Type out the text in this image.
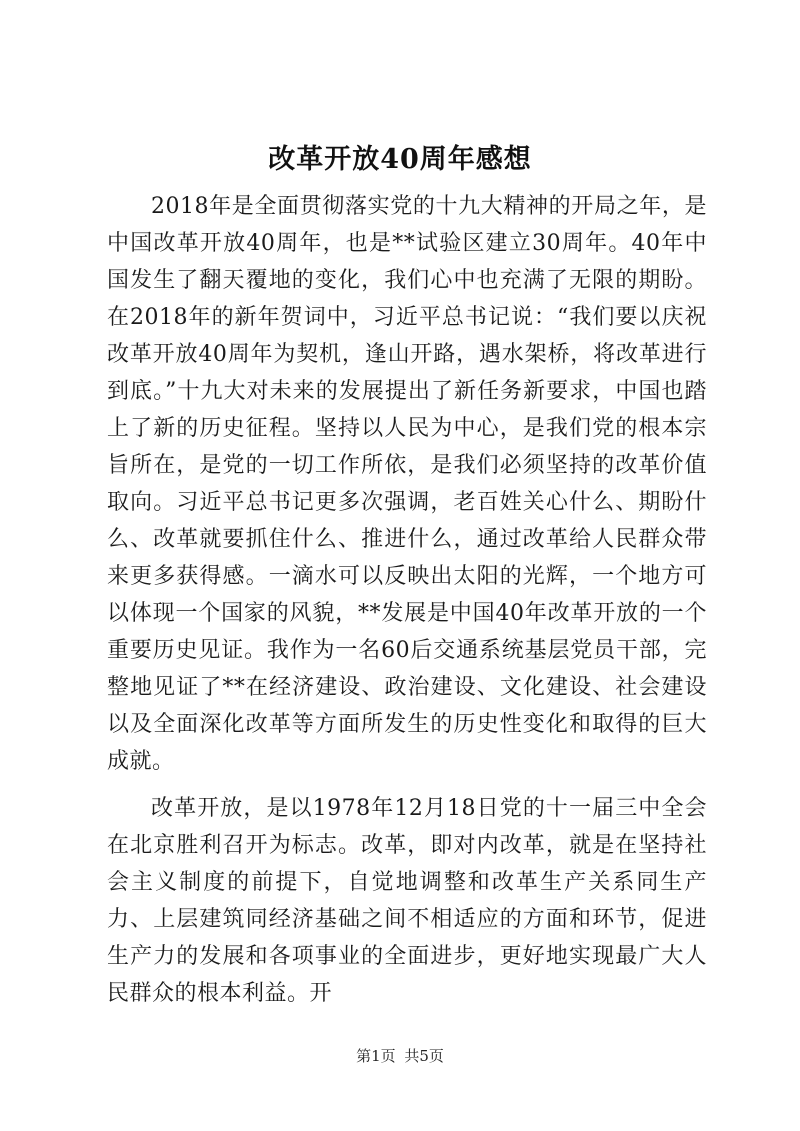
改革开放40周年感想

2018年是全面贯彻落实党的十九大精神的开局之年，是中国改革开放40周年，也是**试验区建立30周年。40年中国发生了翻天覆地的变化，我们心中也充满了无限的期盼。在2018年的新年贺词中，习近平总书记说：“我们要以庆祝改革开放40周年为契机，逢山开路，遇水架桥，将改革进行到底。”十九大对未来的发展提出了新任务新要求，中国也踏上了新的历史征程。坚持以人民为中心，是我们党的根本宗旨所在，是党的一切工作所依，是我们必须坚持的改革价值取向。习近平总书记更多次强调，老百姓关心什么、期盼什么、改革就要抓住什么、推进什么，通过改革给人民群众带来更多获得感。一滴水可以反映出太阳的光辉，一个地方可以体现一个国家的风貌，**发展是中国40年改革开放的一个重要历史见证。我作为一名60后交通系统基层党员干部，完整地见证了**在经济建设、政治建设、文化建设、社会建设以及全面深化改革等方面所发生的历史性变化和取得的巨大成就。

改革开放，是以1978年12月18日党的十一届三中全会在北京胜利召开为标志。改革，即对内改革，就是在坚持社会主义制度的前提下，自觉地调整和改革生产关系同生产力、上层建筑同经济基础之间不相适应的方面和环节，促进生产力的发展和各项事业的全面进步，更好地实现最广大人民群众的根本利益。开

第1页 共5页
